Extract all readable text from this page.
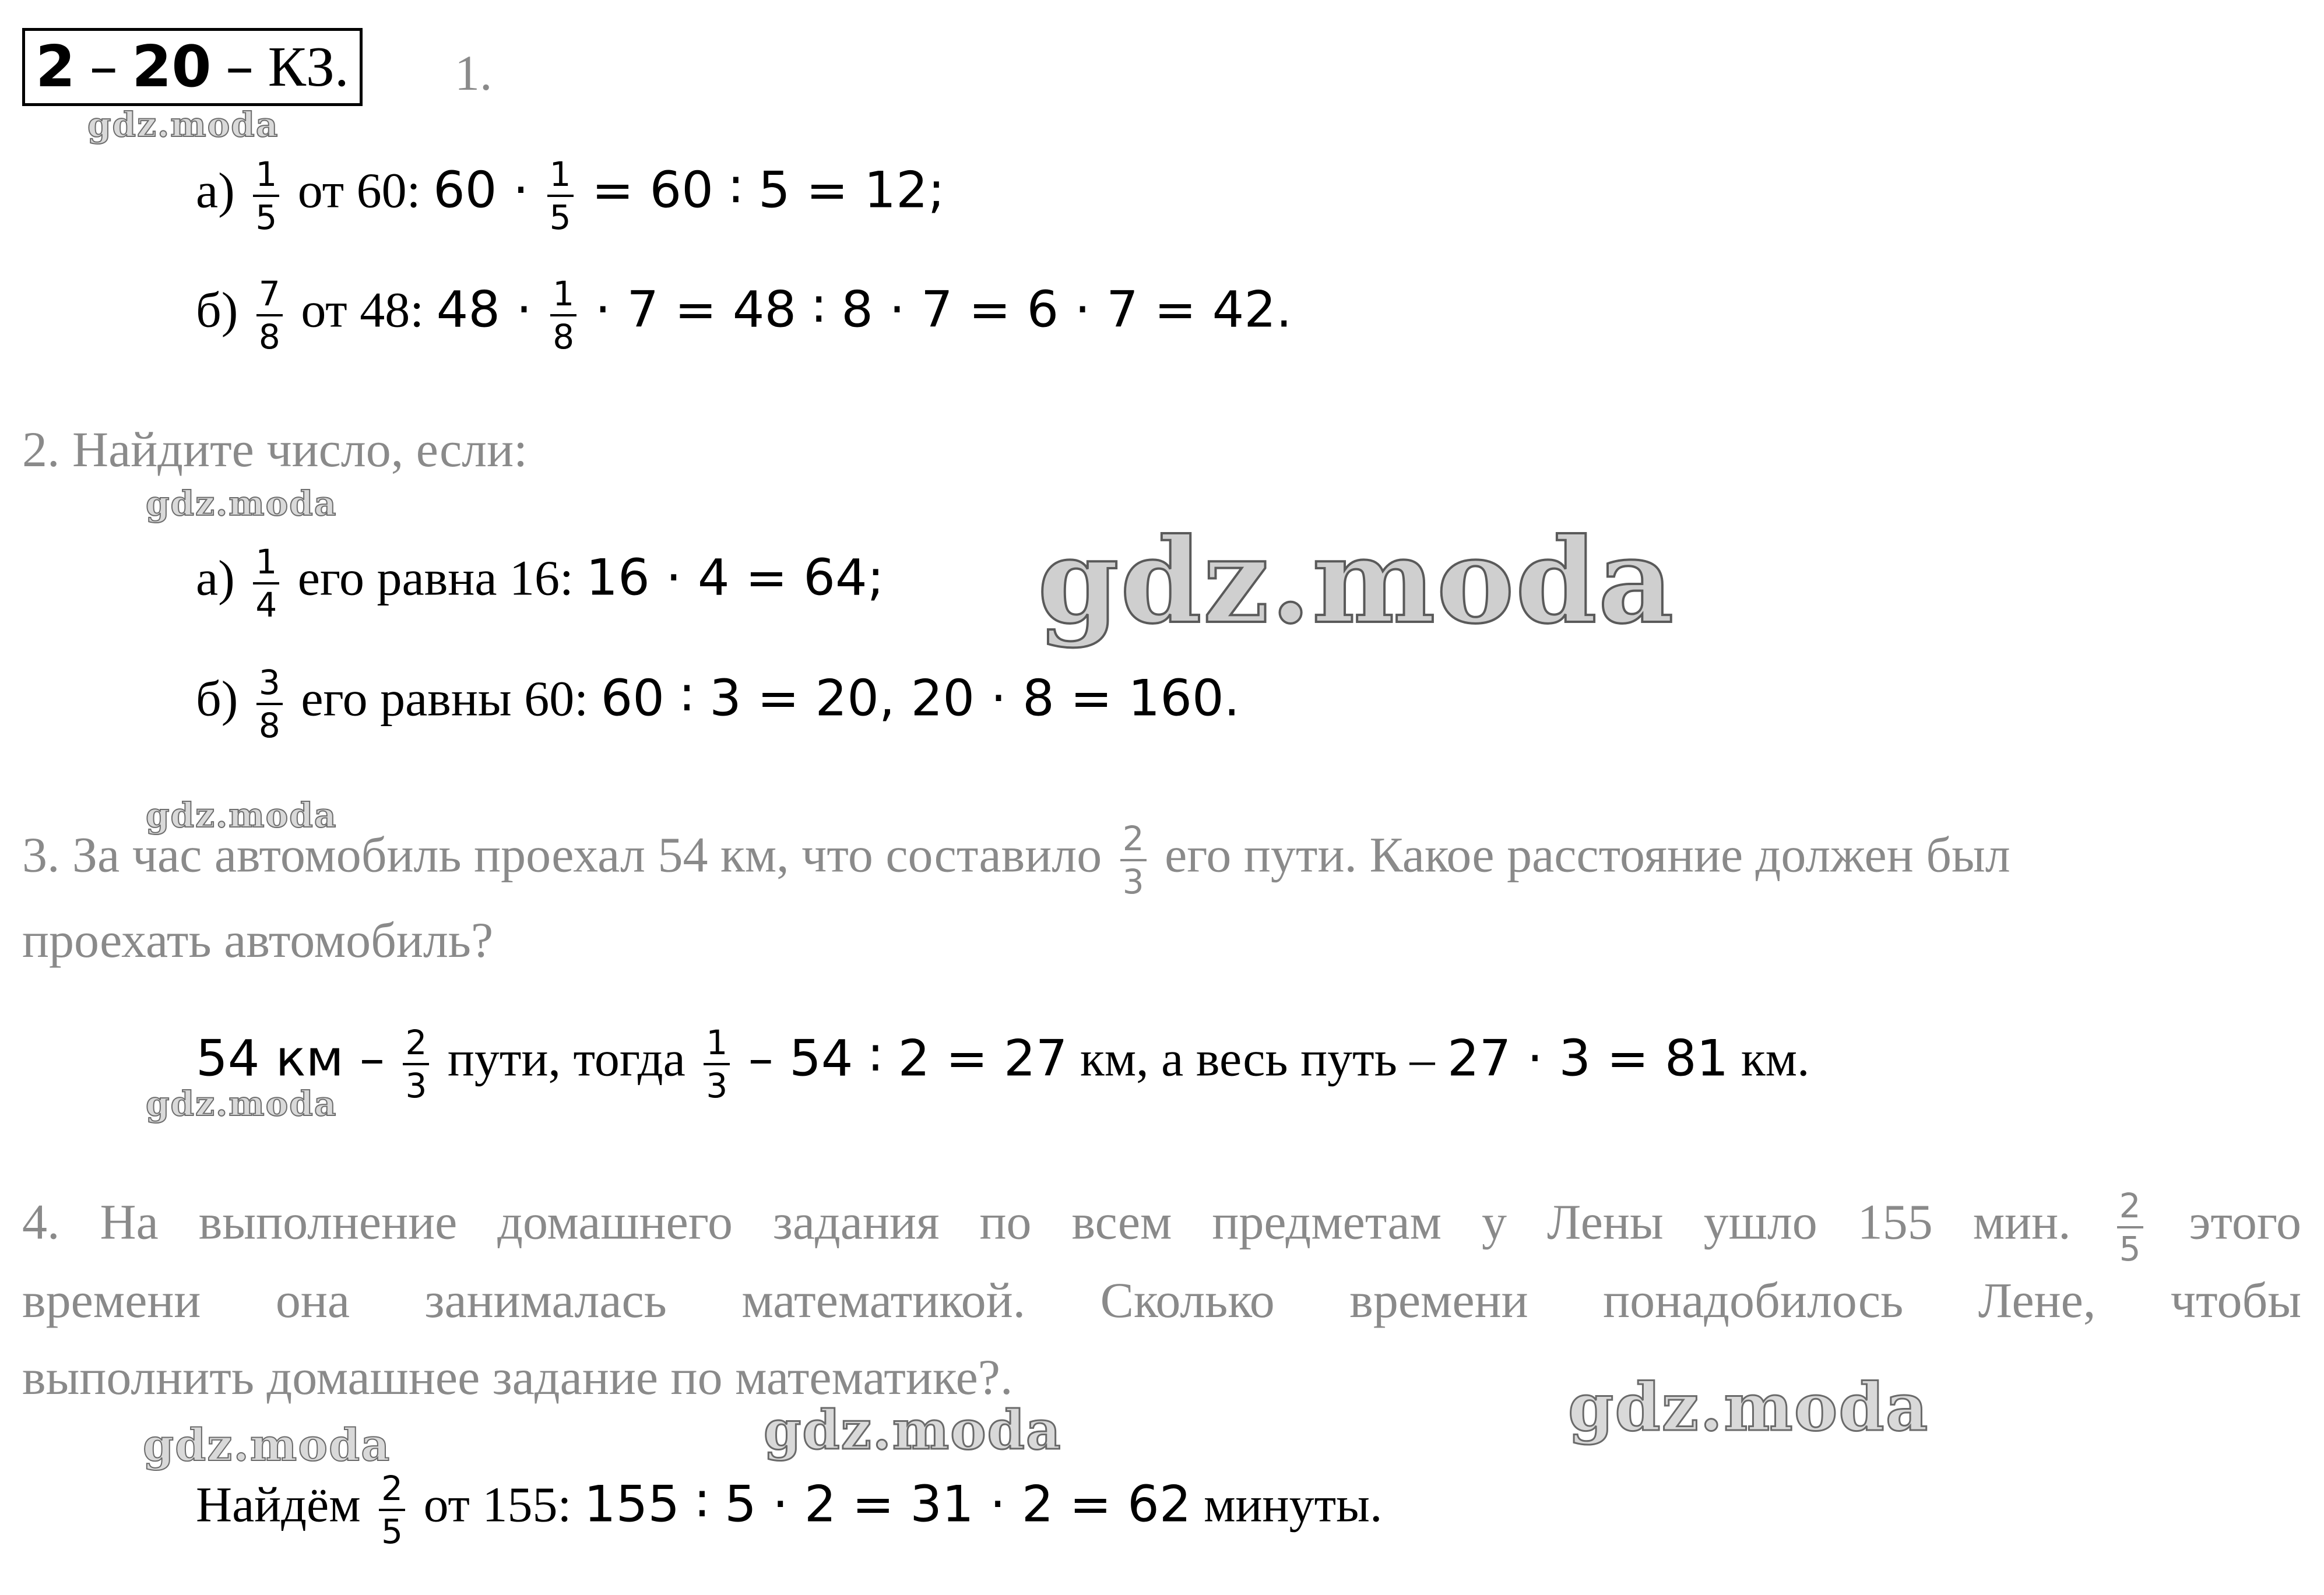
2 – 20 – КЗ. 1.
$а) \frac{1}{5}$ от 60: $60 \cdot \frac{1}{5} = 60$ ∶ 5 = 12;
$б) \frac{7}{8}$ от 48: $48 \cdot \frac{1}{8} \cdot 7 = 48$ ∶ 8 · 7 = 6 · 7 = 42.
2. Найдите число, если:
$а) \frac{1}{4}$ его равна 16: 16 · 4 = 64;
$б) \frac{3}{8}$ его равны 60: 60 ∶ 3 = 20, 20 · 8 = 160.
3. За час автомобиль проехал 54 км, что составило $\frac{2}{3}$ его пути. Какое расстояние должен был
проехать автомобиль?
54 км – $\frac{2}{3}$ пути, тогда $\frac{1}{3} - 54$ ∶ 2 = 27 км, а весь путь – 27 · 3 = 81 км.
4. На выполнение домашнего задания по всем предметам у Лены ушло 155 мин. $\frac{2}{5}$ этого
времени она занималась математикой. Сколько времени понадобилось Лене, чтобы
выполнить домашнее задание по математике?.
Найдём $\frac{2}{5}$ от 155: 155 ∶ 5 · 2 = 31 · 2 = 62 минуты.
gdz.moda
gdz.moda
gdz.moda
gdz.moda
gdz.moda
gdz.moda
gdz.moda
gdz.moda
